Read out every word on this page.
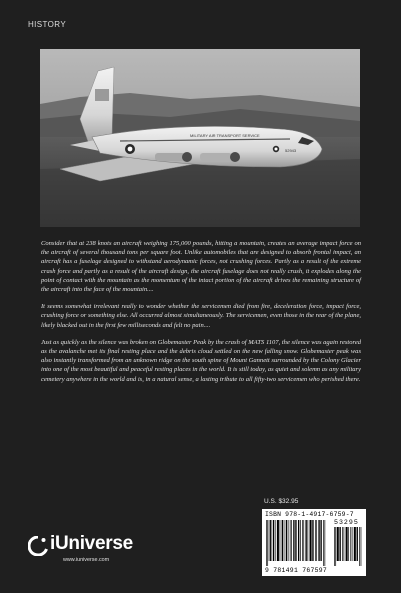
HISTORY
MILITARY AIR TRANSPORT SERVICE
52943

Consider that at 238 knots an aircraft weighing 175,000 pounds, hitting a mountain, creates an average impact force on the aircraft of several thousand tons per square foot. Unlike automobiles that are designed to absorb frontal impact, an aircraft has a fuselage designed to withstand aerodynamic forces, not crushing forces. Partly as a result of the extreme crash force and partly as a result of the aircraft design, the aircraft fuselage does not really crush, it explodes along the point of contact with the mountain as the momentum of the intact portion of the aircraft drives the remaining structure of the aircraft into the face of the mountain....

It seems somewhat irrelevant really to wonder whether the servicemen died from fire, deceleration force, impact force, crushing force or something else. All occurred almost simultaneously. The servicemen, even those in the rear of the plane, likely blacked out in the first few milliseconds and felt no pain....

Just as quickly as the silence was broken on Globemaster Peak by the crash of MATS 1107, the silence was again restored as the avalanche met its final resting place and the debris cloud settled on the new falling snow. Globemaster peak was also instantly transformed from an unknown ridge on the south spine of Mount Gannett surrounded by the Colony Glacier into one of the most beautiful and peaceful resting places in the world. It is still today, as quiet and solemn as any military cemetery anywhere in the world and is, in a natural sense, a lasting tribute to all fifty-two servicemen who perished there.

U.S. $32.95
ISBN 978-1-4917-6759-7
53295
9 781491 767597
iUniverse
www.iuniverse.com
